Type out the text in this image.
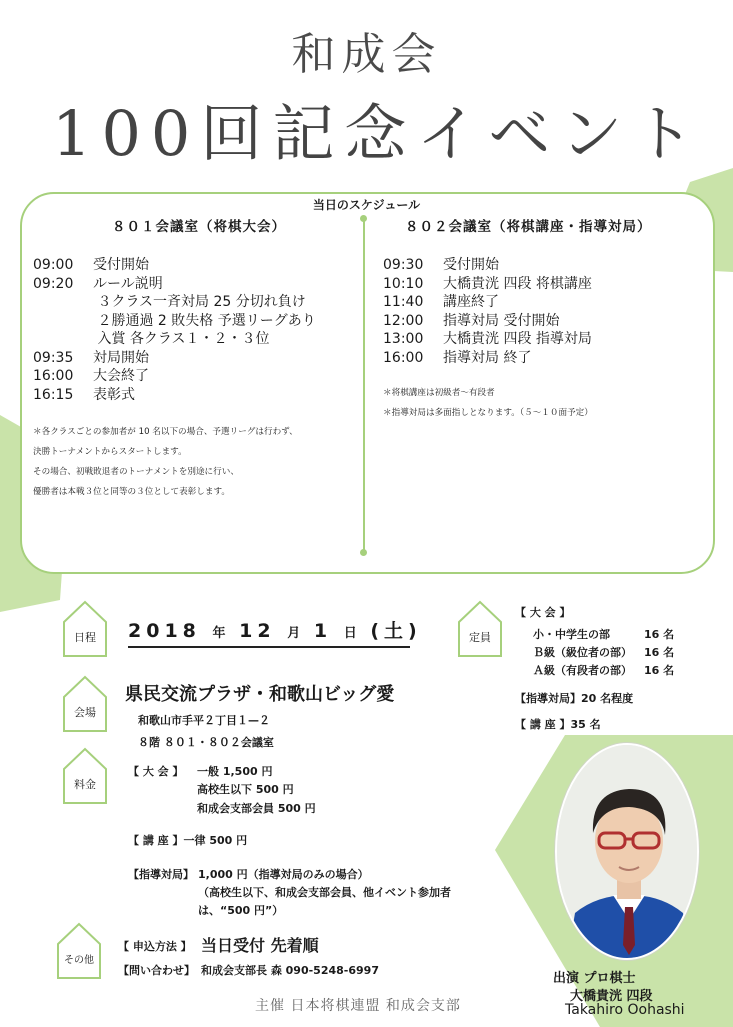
和成会
100回記念イベント
当日のスケジュール
８０１会議室（将棋大会）	８０２会議室（将棋講座・指導対局）
09:00 受付開始
09:20 ルール説明
３クラス一斉対局 25 分切れ負け
２勝通過 2 敗失格 予選リーグあり
入賞 各クラス１・２・３位
09:35 対局開始
16:00 大会終了
16:15 表彰式
＊各クラスごとの参加者が 10 名以下の場合、予選リーグは行わず、
決勝トーナメントからスタートします。
その場合、初戦敗退者のトーナメントを別途に行い、
優勝者は本戦３位と同等の３位として表彰します。
09:30 受付開始
10:10 大橋貴洸 四段 将棋講座
11:40 講座終了
12:00 指導対局 受付開始
13:00 大橋貴洸 四段 指導対局
16:00 指導対局 終了
＊将棋講座は初級者～有段者
＊指導対局は多面指しとなります。（５～１０面予定）
日程
会場
料金
その他
定員
2018 年 12 月 1 日 (土)
県民交流プラザ・和歌山ビッグ愛
和歌山市手平２丁目１—２
８階 ８０１・８０２会議室
【 大 会 】 一般 1,500 円
高校生以下 500 円
和成会支部会員 500 円
【 講 座 】一律 500 円
【指導対局】 1,000 円（指導対局のみの場合）
（高校生以下、和成会支部会員、他イベント参加者
は、“500 円”）
【 申込方法 】 当日受付 先着順
【問い合わせ】 和成会支部長 森 090-5248-6997
【 大 会 】
小・中学生の部	16 名
Ｂ級（級位者の部） 16 名
Ａ級（有段者の部） 16 名
【指導対局】20 名程度
【 講 座 】35 名
出演 プロ棋士
大橋貴洸 四段
Takahiro Oohashi
主催 日本将棋連盟 和成会支部
